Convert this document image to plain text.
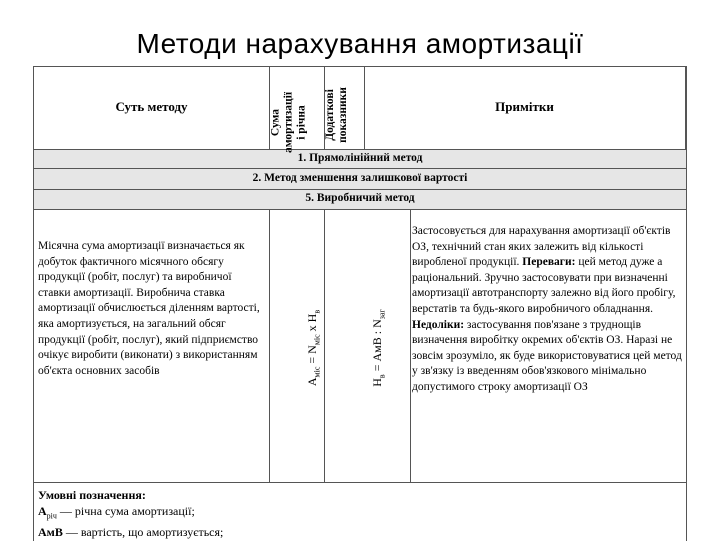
Методи нарахування амортизації
Суть методу
Сума амортизації і річна Додаткові показники	Примітки
1. Прямолінійний метод
2. Метод зменшення залишкової вартості
5. Виробничий метод
Місячна сума амортизації визначається як добуток фактичного місячного обсягу продукції (робіт, послуг) та виробничої ставки амортизації. Виробнича ставка амортизації обчислюється діленням вартості, яка амортизується, на загальний обсяг продукції (робіт, послуг), який підприємство очікує виробити (виконати) з використанням об'єкта основних засобів
$А_{міс} = N_{міс}$ х $Н_в$
$Н_в$ = АмВ : $N_{заг}$
Застосовується для нарахування амортизації об'єктів ОЗ, технічний стан яких залежить від кількості виробленої продукції. Переваги: цей метод дуже а раціональний. Зручно застосовувати при визначенні амортизації автотранспорту залежно від його пробігу, верстатів та будь-якого виробничого обладнання. Недоліки: застосування пов'язане з труднощів визначення виробітку окремих об'єктів ОЗ. Наразі не зовсім зрозуміло, як буде використовуватися цей метод у зв'язку із введенням обов'язкового мінімально допустимого строку амортизації ОЗ
Умовні позначення:
$А_{річ}$ — річна сума амортизації;
АмВ — вартість, що амортизується;
